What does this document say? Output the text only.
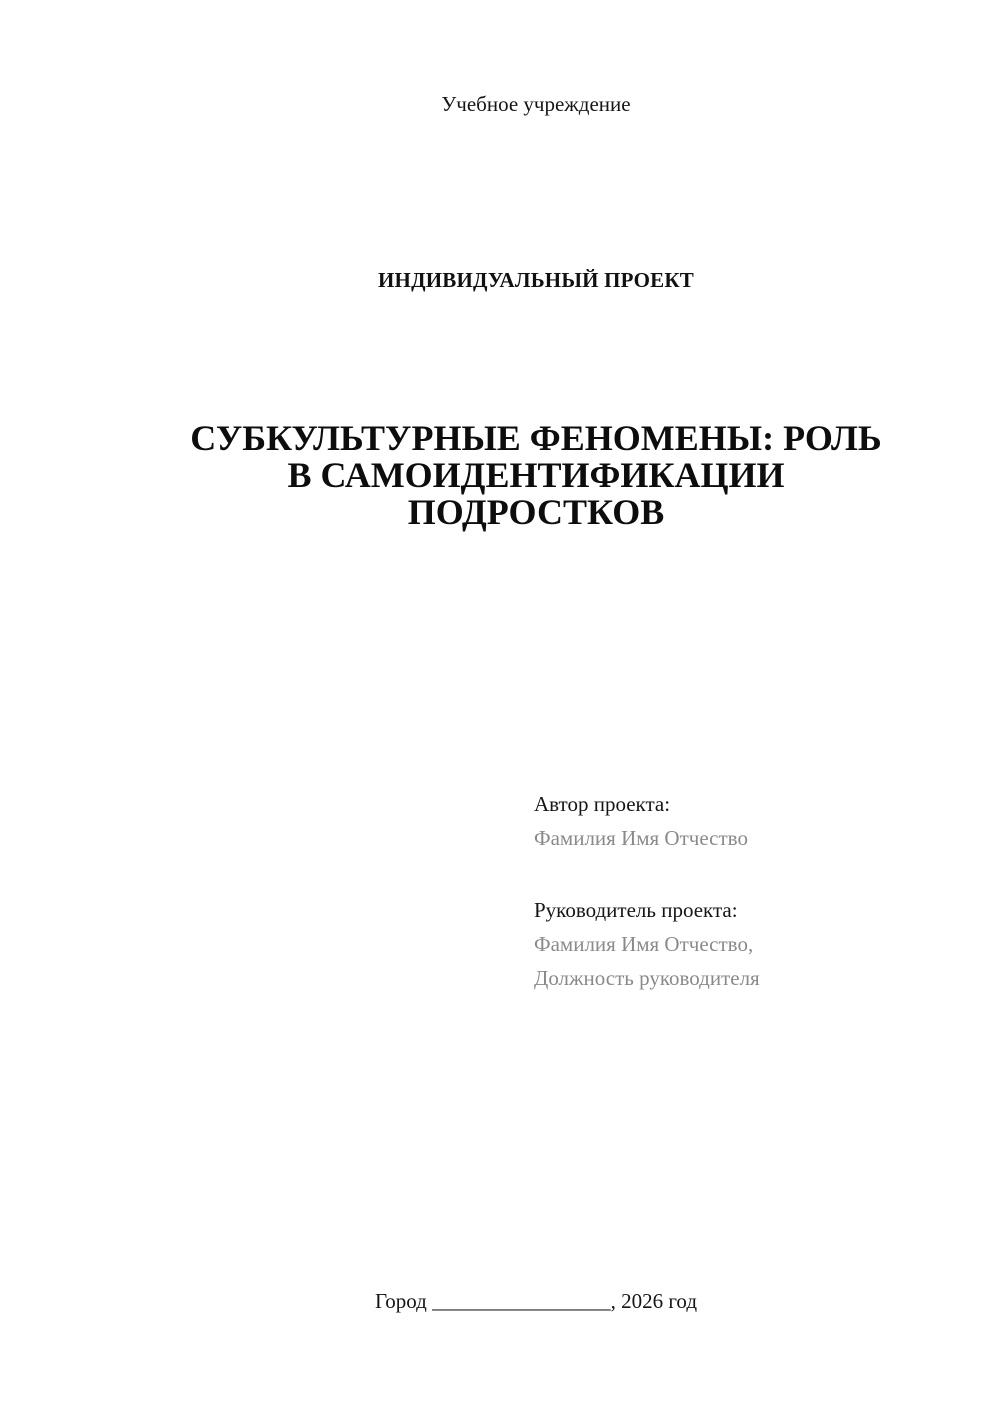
Учебное учреждение
ИНДИВИДУАЛЬНЫЙ ПРОЕКТ
СУБКУЛЬТУРНЫЕ ФЕНОМЕНЫ: РОЛЬ
В САМОИДЕНТИФИКАЦИИ
ПОДРОСТКОВ
Автор проекта:
Фамилия Имя Отчество
Руководитель проекта:
Фамилия Имя Отчество,
Должность руководителя
Город _________________, 2026 год
